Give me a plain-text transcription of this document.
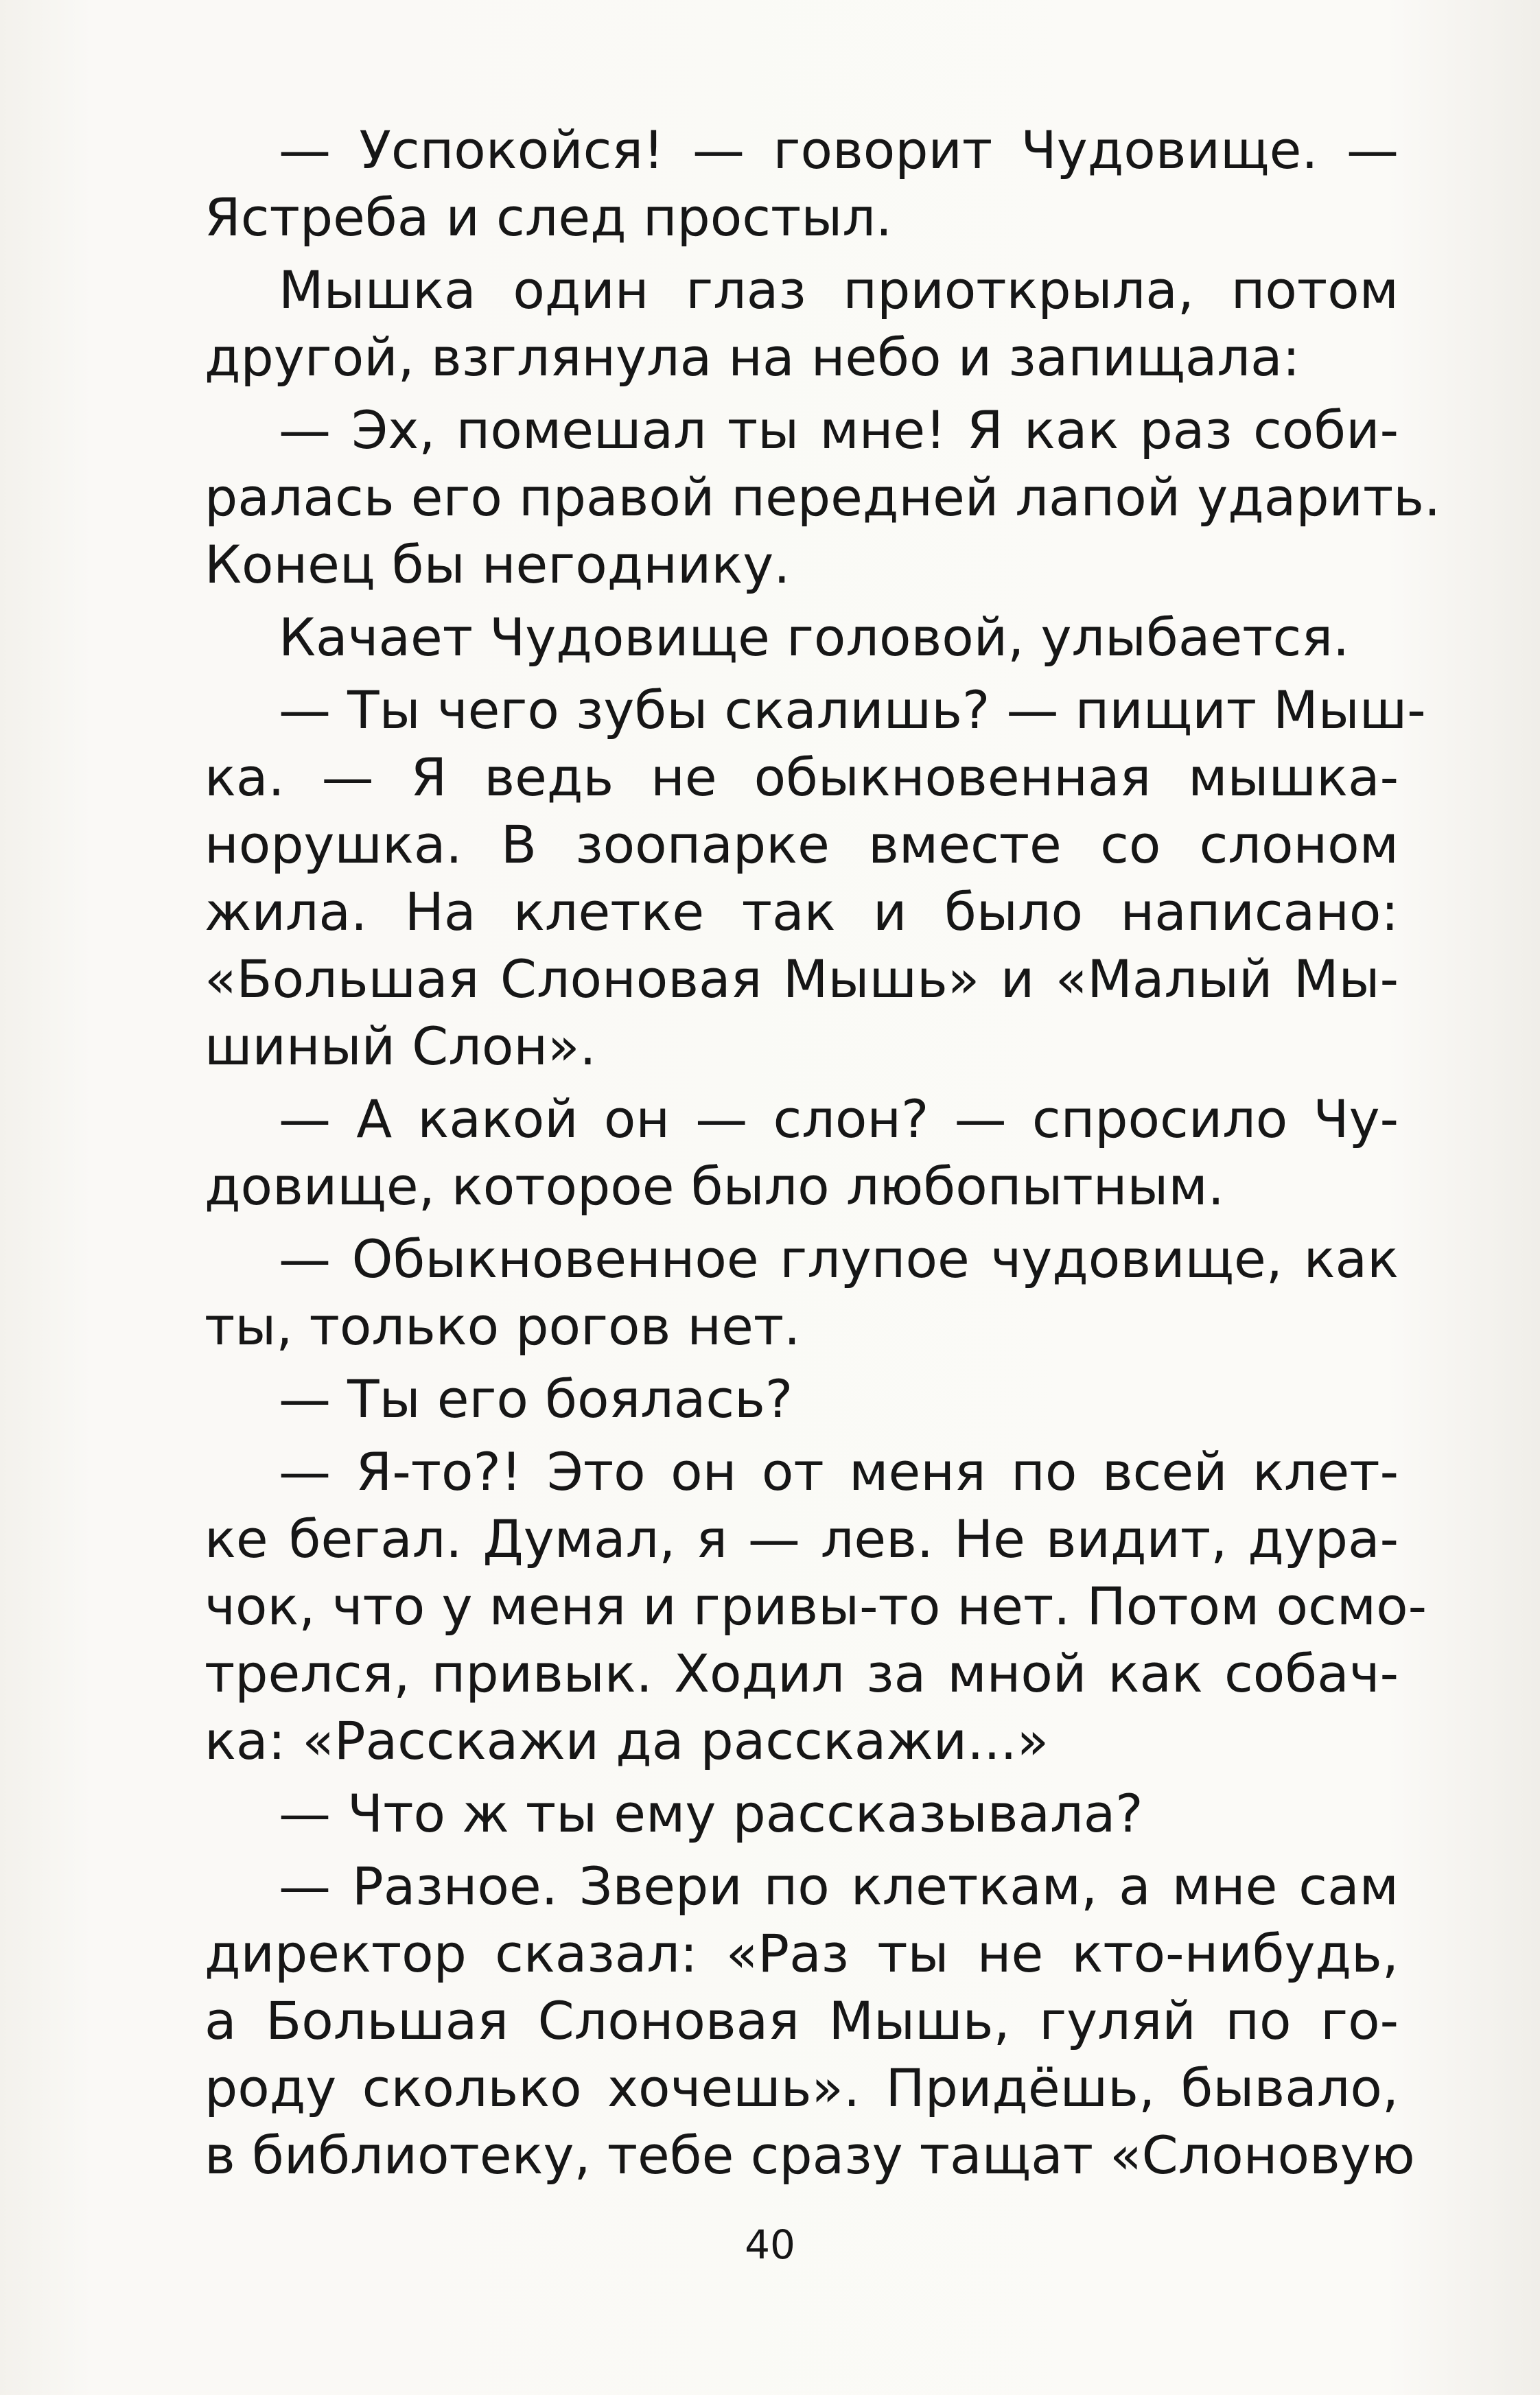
— Успокойся! — говорит Чудовище. —
Ястреба и след простыл.
Мышка один глаз приоткрыла, потом
другой, взглянула на небо и запищала:
— Эх, помешал ты мне! Я как раз соби-
ралась его правой передней лапой ударить.
Конец бы негоднику.
Качает Чудовище головой, улыбается.
— Ты чего зубы скалишь? — пищит Мыш-
ка. — Я ведь не обыкновенная мышка-
норушка. В зоопарке вместе со слоном
жила. На клетке так и было написано:
«Большая Слоновая Мышь» и «Малый Мы-
шиный Слон».
— А какой он — слон? — спросило Чу-
довище, которое было любопытным.
— Обыкновенное глупое чудовище, как
ты, только рогов нет.
— Ты его боялась?
— Я-то?! Это он от меня по всей клет-
ке бегал. Думал, я — лев. Не видит, дура-
чок, что у меня и гривы-то нет. Потом осмо-
трелся, привык. Ходил за мной как собач-
ка: «Расскажи да расскажи...»
— Что ж ты ему рассказывала?
— Разное. Звери по клеткам, а мне сам
директор сказал: «Раз ты не кто-нибудь,
а Большая Слоновая Мышь, гуляй по го-
роду сколько хочешь». Придёшь, бывало,
в библиотеку, тебе сразу тащат «Слоновую
40
